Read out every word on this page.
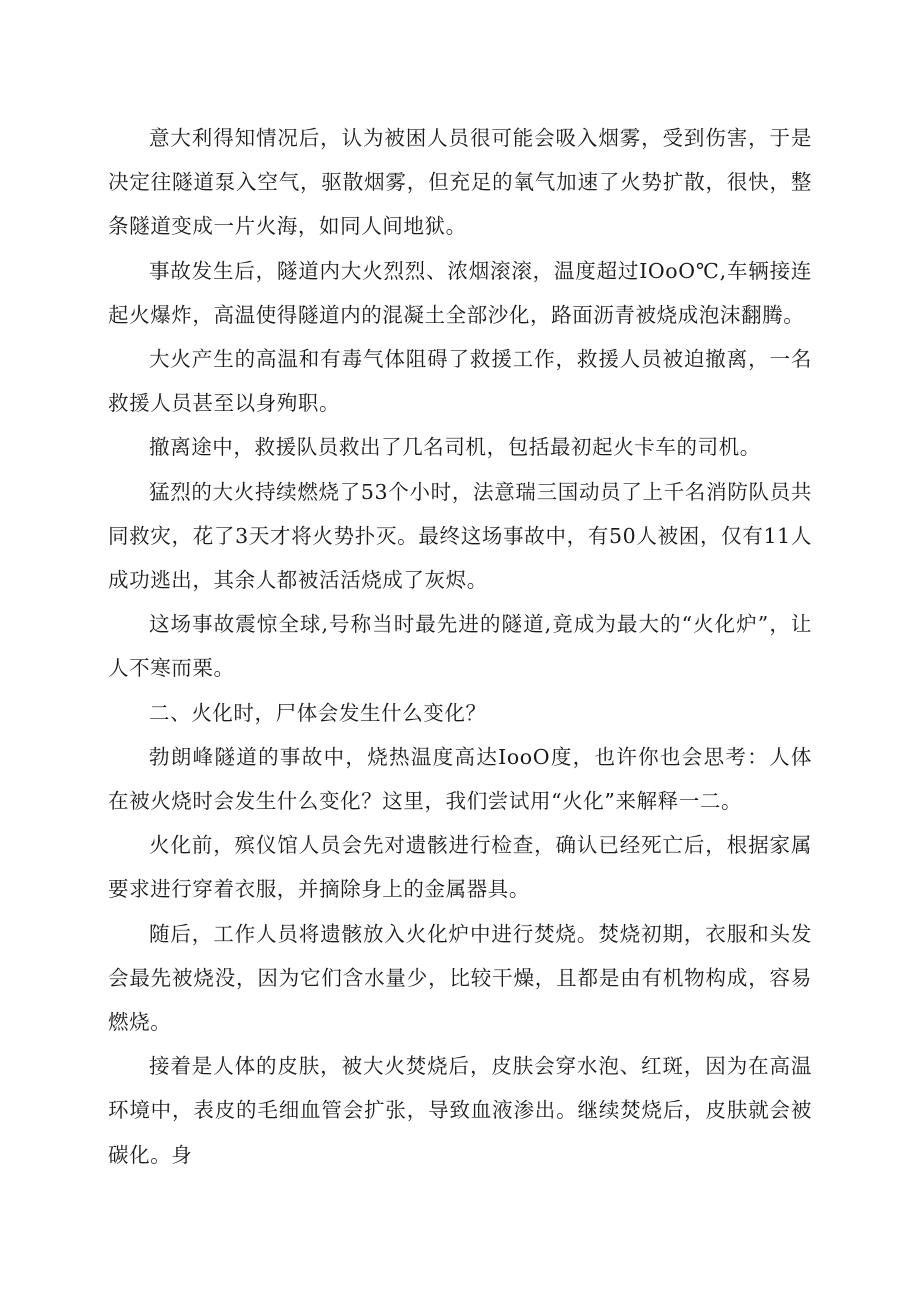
意大利得知情况后，认为被困人员很可能会吸入烟雾，受到伤害，于是决定往隧道泵入空气，驱散烟雾，但充足的氧气加速了火势扩散，很快，整条隧道变成一片火海，如同人间地狱。

事故发生后，隧道内大火烈烈、浓烟滚滚，温度超过IOoO℃,车辆接连起火爆炸，高温使得隧道内的混凝土全部沙化，路面沥青被烧成泡沫翻腾。

大火产生的高温和有毒气体阻碍了救援工作，救援人员被迫撤离，一名救援人员甚至以身殉职。

撤离途中，救援队员救出了几名司机，包括最初起火卡车的司机。

猛烈的大火持续燃烧了53个小时，法意瑞三国动员了上千名消防队员共同救灾，花了3天才将火势扑灭。最终这场事故中，有50人被困，仅有11人成功逃出，其余人都被活活烧成了灰烬。

这场事故震惊全球,号称当时最先进的隧道,竟成为最大的“火化炉”，让人不寒而栗。

二、火化时，尸体会发生什么变化？

勃朗峰隧道的事故中，烧热温度高达IooO度，也许你也会思考：人体在被火烧时会发生什么变化？这里，我们尝试用“火化”来解释一二。

火化前，殡仪馆人员会先对遗骸进行检查，确认已经死亡后，根据家属要求进行穿着衣服，并摘除身上的金属器具。

随后，工作人员将遗骸放入火化炉中进行焚烧。焚烧初期，衣服和头发会最先被烧没，因为它们含水量少，比较干燥，且都是由有机物构成，容易燃烧。

接着是人体的皮肤，被大火焚烧后，皮肤会穿水泡、红斑，因为在高温环境中，表皮的毛细血管会扩张，导致血液渗出。继续焚烧后，皮肤就会被碳化。身
